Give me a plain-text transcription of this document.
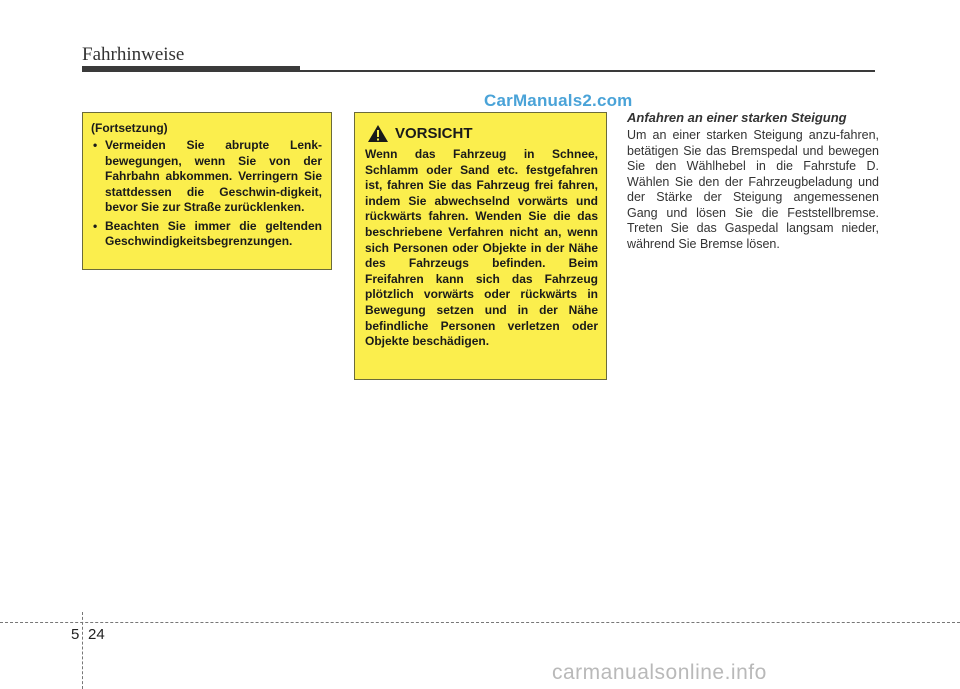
Fahrhinweise
CarManuals2.com
(Fortsetzung)
• Vermeiden Sie abrupte Lenk-bewegungen, wenn Sie von der Fahrbahn abkommen. Verringern Sie stattdessen die Geschwin-digkeit, bevor Sie zur Straße zurücklenken.
• Beachten Sie immer die geltenden Geschwindigkeitsbegrenzungen.
VORSICHT
Wenn das Fahrzeug in Schnee, Schlamm oder Sand etc. festgefahren ist, fahren Sie das Fahrzeug frei fahren, indem Sie abwechselnd vorwärts und rückwärts fahren. Wenden Sie die das beschriebene Verfahren nicht an, wenn sich Personen oder Objekte in der Nähe des Fahrzeugs befinden. Beim Freifahren kann sich das Fahrzeug plötzlich vorwärts oder rückwärts in Bewegung setzen und in der Nähe befindliche Personen verletzen oder Objekte beschädigen.
Anfahren an einer starken Steigung
Um an einer starken Steigung anzu-fahren, betätigen Sie das Bremspedal und bewegen Sie den Wählhebel in die Fahrstufe D. Wählen Sie den der Fahrzeugbeladung und der Stärke der Steigung angemessenen Gang und lösen Sie die Feststellbremse. Treten Sie das Gaspedal langsam nieder, während Sie Bremse lösen.
5 24
carmanualsonline.info
